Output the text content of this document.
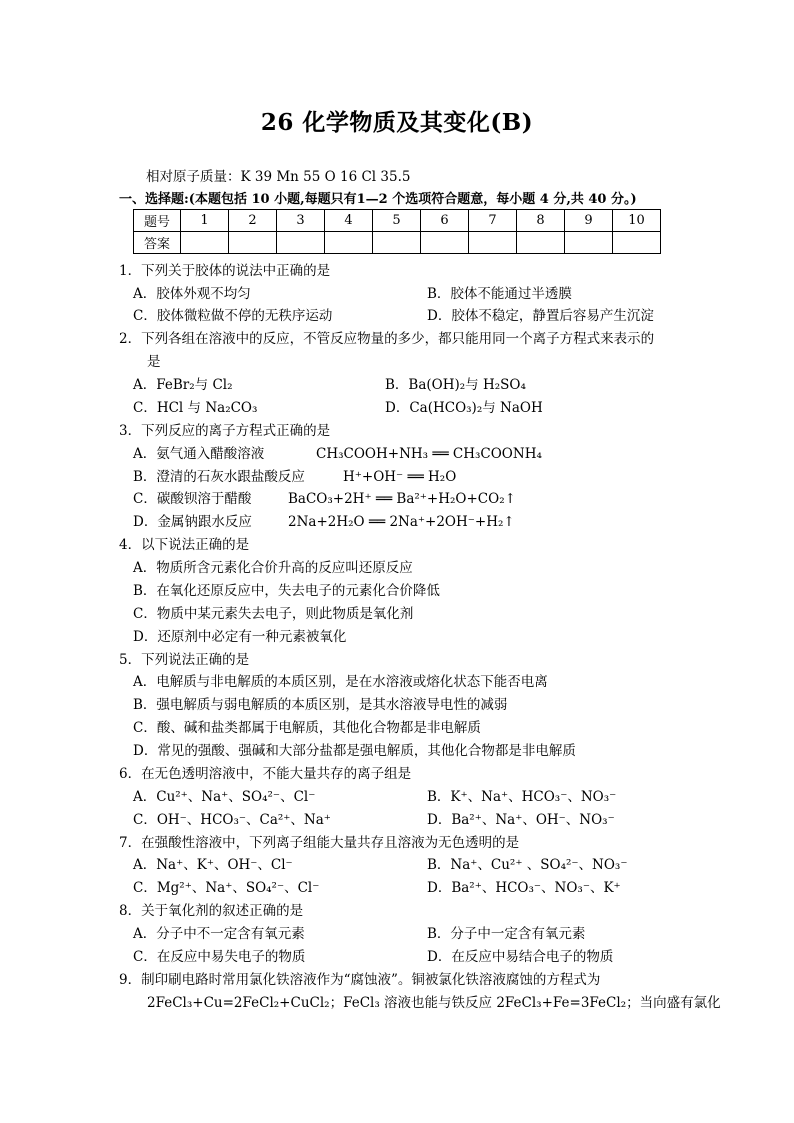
26 化学物质及其变化(B)
相对原子质量：K 39 Mn 55 O 16 Cl 35.5
一、选择题:(本题包括 10 小题,每题只有1—2 个选项符合题意，每小题 4 分,共 40 分。)
题号	1	2	3	4	5	6	7	8	9	10
答案										
1．下列关于胶体的说法中正确的是
A．胶体外观不均匀	B．胶体不能通过半透膜
C．胶体微粒做不停的无秩序运动	D．胶体不稳定，静置后容易产生沉淀
2．下列各组在溶液中的反应，不管反应物量的多少，都只能用同一个离子方程式来表示的
是
A．FeBr₂与 Cl₂	B．Ba(OH)₂与 H₂SO₄
C．HCl 与 Na₂CO₃	D．Ca(HCO₃)₂与 NaOH
3．下列反应的离子方程式正确的是
A．氨气通入醋酸溶液	CH₃COOH+NH₃ ══ CH₃COONH₄
B．澄清的石灰水跟盐酸反应	H⁺+OH⁻ ══ H₂O
C．碳酸钡溶于醋酸	BaCO₃+2H⁺ ══ Ba²⁺+H₂O+CO₂↑
D．金属钠跟水反应	2Na+2H₂O ══ 2Na⁺+2OH⁻+H₂↑
4．以下说法正确的是
A．物质所含元素化合价升高的反应叫还原反应
B．在氧化还原反应中，失去电子的元素化合价降低
C．物质中某元素失去电子，则此物质是氧化剂
D．还原剂中必定有一种元素被氧化
5．下列说法正确的是
A．电解质与非电解质的本质区别，是在水溶液或熔化状态下能否电离
B．强电解质与弱电解质的本质区别，是其水溶液导电性的减弱
C．酸、碱和盐类都属于电解质，其他化合物都是非电解质
D．常见的强酸、强碱和大部分盐都是强电解质，其他化合物都是非电解质
6．在无色透明溶液中，不能大量共存的离子组是
A．Cu²⁺、Na⁺、SO₄²⁻、Cl⁻	B．K⁺、Na⁺、HCO₃⁻、NO₃⁻
C．OH⁻、HCO₃⁻、Ca²⁺、Na⁺	D．Ba²⁺、Na⁺、OH⁻、NO₃⁻
7．在强酸性溶液中，下列离子组能大量共存且溶液为无色透明的是
A．Na⁺、K⁺、OH⁻、Cl⁻	B．Na⁺、Cu²⁺ 、SO₄²⁻、NO₃⁻
C．Mg²⁺、Na⁺、SO₄²⁻、Cl⁻	D．Ba²⁺、HCO₃⁻、NO₃⁻、K⁺
8．关于氧化剂的叙述正确的是
A．分子中不一定含有氧元素	B．分子中一定含有氧元素
C．在反应中易失电子的物质	D．在反应中易结合电子的物质
9．制印刷电路时常用氯化铁溶液作为“腐蚀液”。铜被氯化铁溶液腐蚀的方程式为
2FeCl₃+Cu=2FeCl₂+CuCl₂；FeCl₃ 溶液也能与铁反应 2FeCl₃+Fe=3FeCl₂；当向盛有氯化
